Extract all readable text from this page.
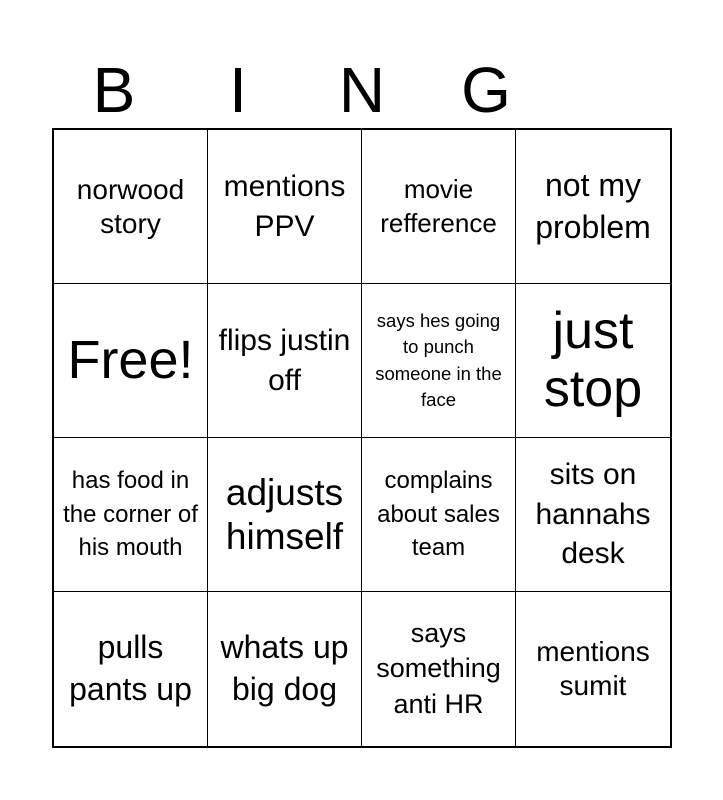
B	I	N	G
norwood story
mentions PPV
movie refference
not my problem
Free! flips justin off
says hes going to punch someone in the face
just stop
has food in the corner of his mouth
adjusts himself
complains about sales team
sits on hannahs desk
pulls pants up
whats up big dog
says something anti HR
mentions sumit
